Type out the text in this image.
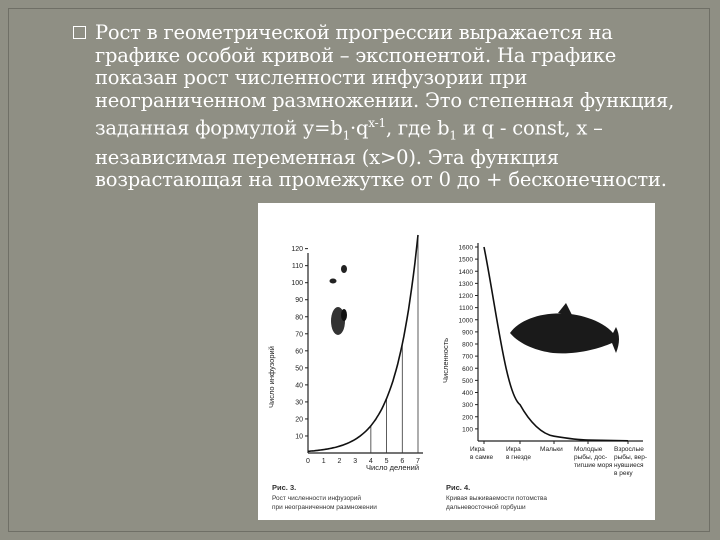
Рост в геометрической прогрессии выражается на графике особой кривой – экспонентой. На графике показан рост численности инфузории при неограниченном размножении. Это степенная функция, заданная формулой $у=b_1\cdot q^{x-1}$, где $b_1$ и q - const, x – независимая переменная (х>0). Эта функция возрастающая на промежутке от 0 до + бесконечности.

10
20
30
40
50
60
70
80
90
100
110
120
0 1 2 3 4 5 6 7
Число инфузорий
Число делений
Рис. 3.
Рост численности инфузорий
при неограниченном размножении
100
200
300
400
500
600
700
800
900
1000
1100
1200
1300
1400
1500
1600
Численность
Икра в самке
Икра в гнезде
Мальки Молодые рыбы, дос-тигшие моря
Взрослые рыбы, вер-нувшиеся в реку
Рис. 4.
Кривая выживаемости потомства
дальневосточной горбуши
